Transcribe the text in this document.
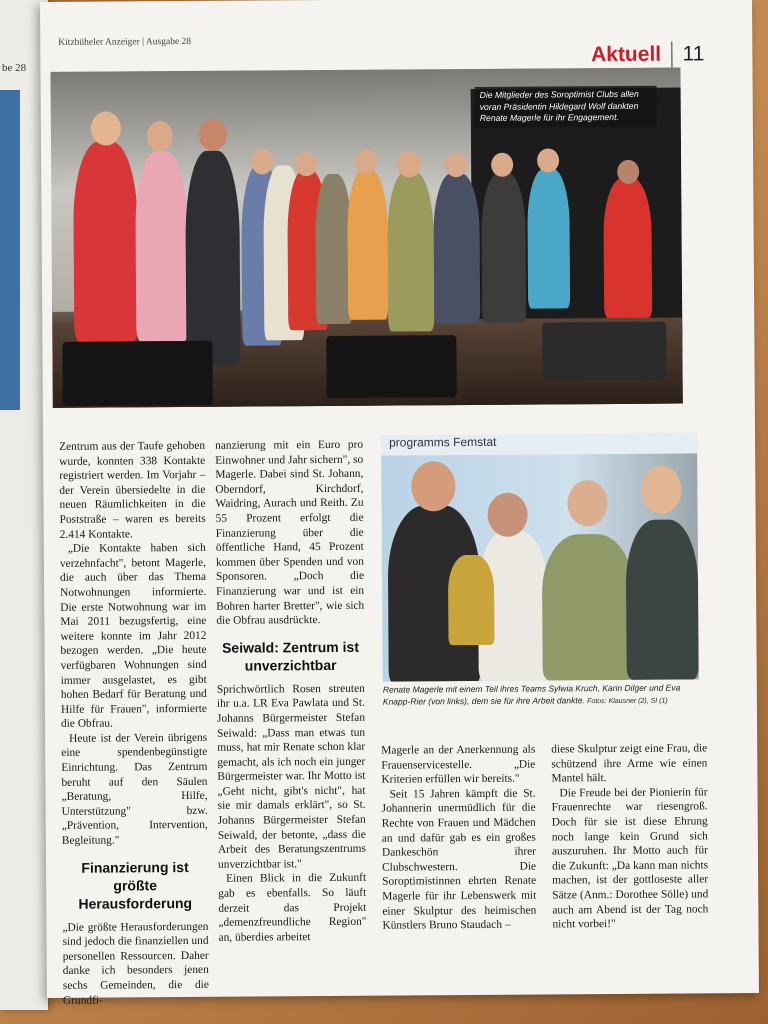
be 28
Kitzbüheler Anzeiger | Ausgabe 28
Aktuell 11
Die Mitglieder des Soroptimist Clubs allen voran Präsidentin Hildegard Wolf dankten Renate Magerle für ihr Engagement.

Zentrum aus der Taufe gehoben wurde, konnten 338 Kontakte registriert werden. Im Vorjahr – der Verein übersiedelte in die neuen Räumlichkeiten in die Poststraße – waren es bereits 2.414 Kontakte.

„Die Kontakte haben sich verzehnfacht", betont Magerle, die auch über das Thema Notwohnungen informierte. Die erste Notwohnung war im Mai 2011 bezugsfertig, eine weitere konnte im Jahr 2012 bezogen werden. „Die heute verfügbaren Wohnungen sind immer ausgelastet, es gibt hohen Bedarf für Beratung und Hilfe für Frauen", informierte die Obfrau.

Heute ist der Verein übrigens eine spendenbegünstigte Einrichtung. Das Zentrum beruht auf den Säulen „Beratung, Hilfe, Unterstützung" bzw. „Prävention, Intervention, Begleitung."

Finanzierung ist größte Herausforderung

„Die größte Herausforderungen sind jedoch die finanziellen und personellen Ressourcen. Daher danke ich besonders jenen sechs Gemeinden, die die Grundfi-

nanzierung mit ein Euro pro Einwohner und Jahr sichern", so Magerle. Dabei sind St. Johann, Oberndorf, Kirchdorf, Waidring, Aurach und Reith. Zu 55 Prozent erfolgt die Finanzierung über die öffentliche Hand, 45 Prozent kommen über Spenden und von Sponsoren. „Doch die Finanzierung war und ist ein Bohren harter Bretter", wie sich die Obfrau ausdrückte.

Seiwald: Zentrum ist unverzichtbar

Sprichwörtlich Rosen streuten ihr u.a. LR Eva Pawlata und St. Johanns Bürgermeister Stefan Seiwald: „Dass man etwas tun muss, hat mir Renate schon klar gemacht, als ich noch ein junger Bürgermeister war. Ihr Motto ist „Geht nicht, gibt's nicht", hat sie mir damals erklärt", so St. Johanns Bürgermeister Stefan Seiwald, der betonte, „dass die Arbeit des Beratungszentrums unverzichtbar ist."

Einen Blick in die Zukunft gab es ebenfalls. So läuft derzeit das Projekt „demenzfreundliche Region" an, überdies arbeitet

programms Femstat
Renate Magerle mit einem Teil ihres Teams Sylwia Kruch, Karin Dilger und Eva Knapp-Rier (von links), dem sie für ihre Arbeit dankte. Fotos: Klausner (2), SI (1)

Magerle an der Anerkennung als Frauenservicestelle. „Die Kriterien erfüllen wir bereits."

Seit 15 Jahren kämpft die St. Johannerin unermüdlich für die Rechte von Frauen und Mädchen an und dafür gab es ein großes Dankeschön ihrer Clubschwestern. Die Soroptimistinnen ehrten Renate Magerle für ihr Lebenswerk mit einer Skulptur des heimischen Künstlers Bruno Staudach –

diese Skulptur zeigt eine Frau, die schützend ihre Arme wie einen Mantel hält.

Die Freude bei der Pionierin für Frauenrechte war riesengroß. Doch für sie ist diese Ehrung noch lange kein Grund sich auszuruhen. Ihr Motto auch für die Zukunft: „Da kann man nichts machen, ist der gottloseste aller Sätze (Anm.: Dorothee Sölle) und auch am Abend ist der Tag noch nicht vorbei!"
